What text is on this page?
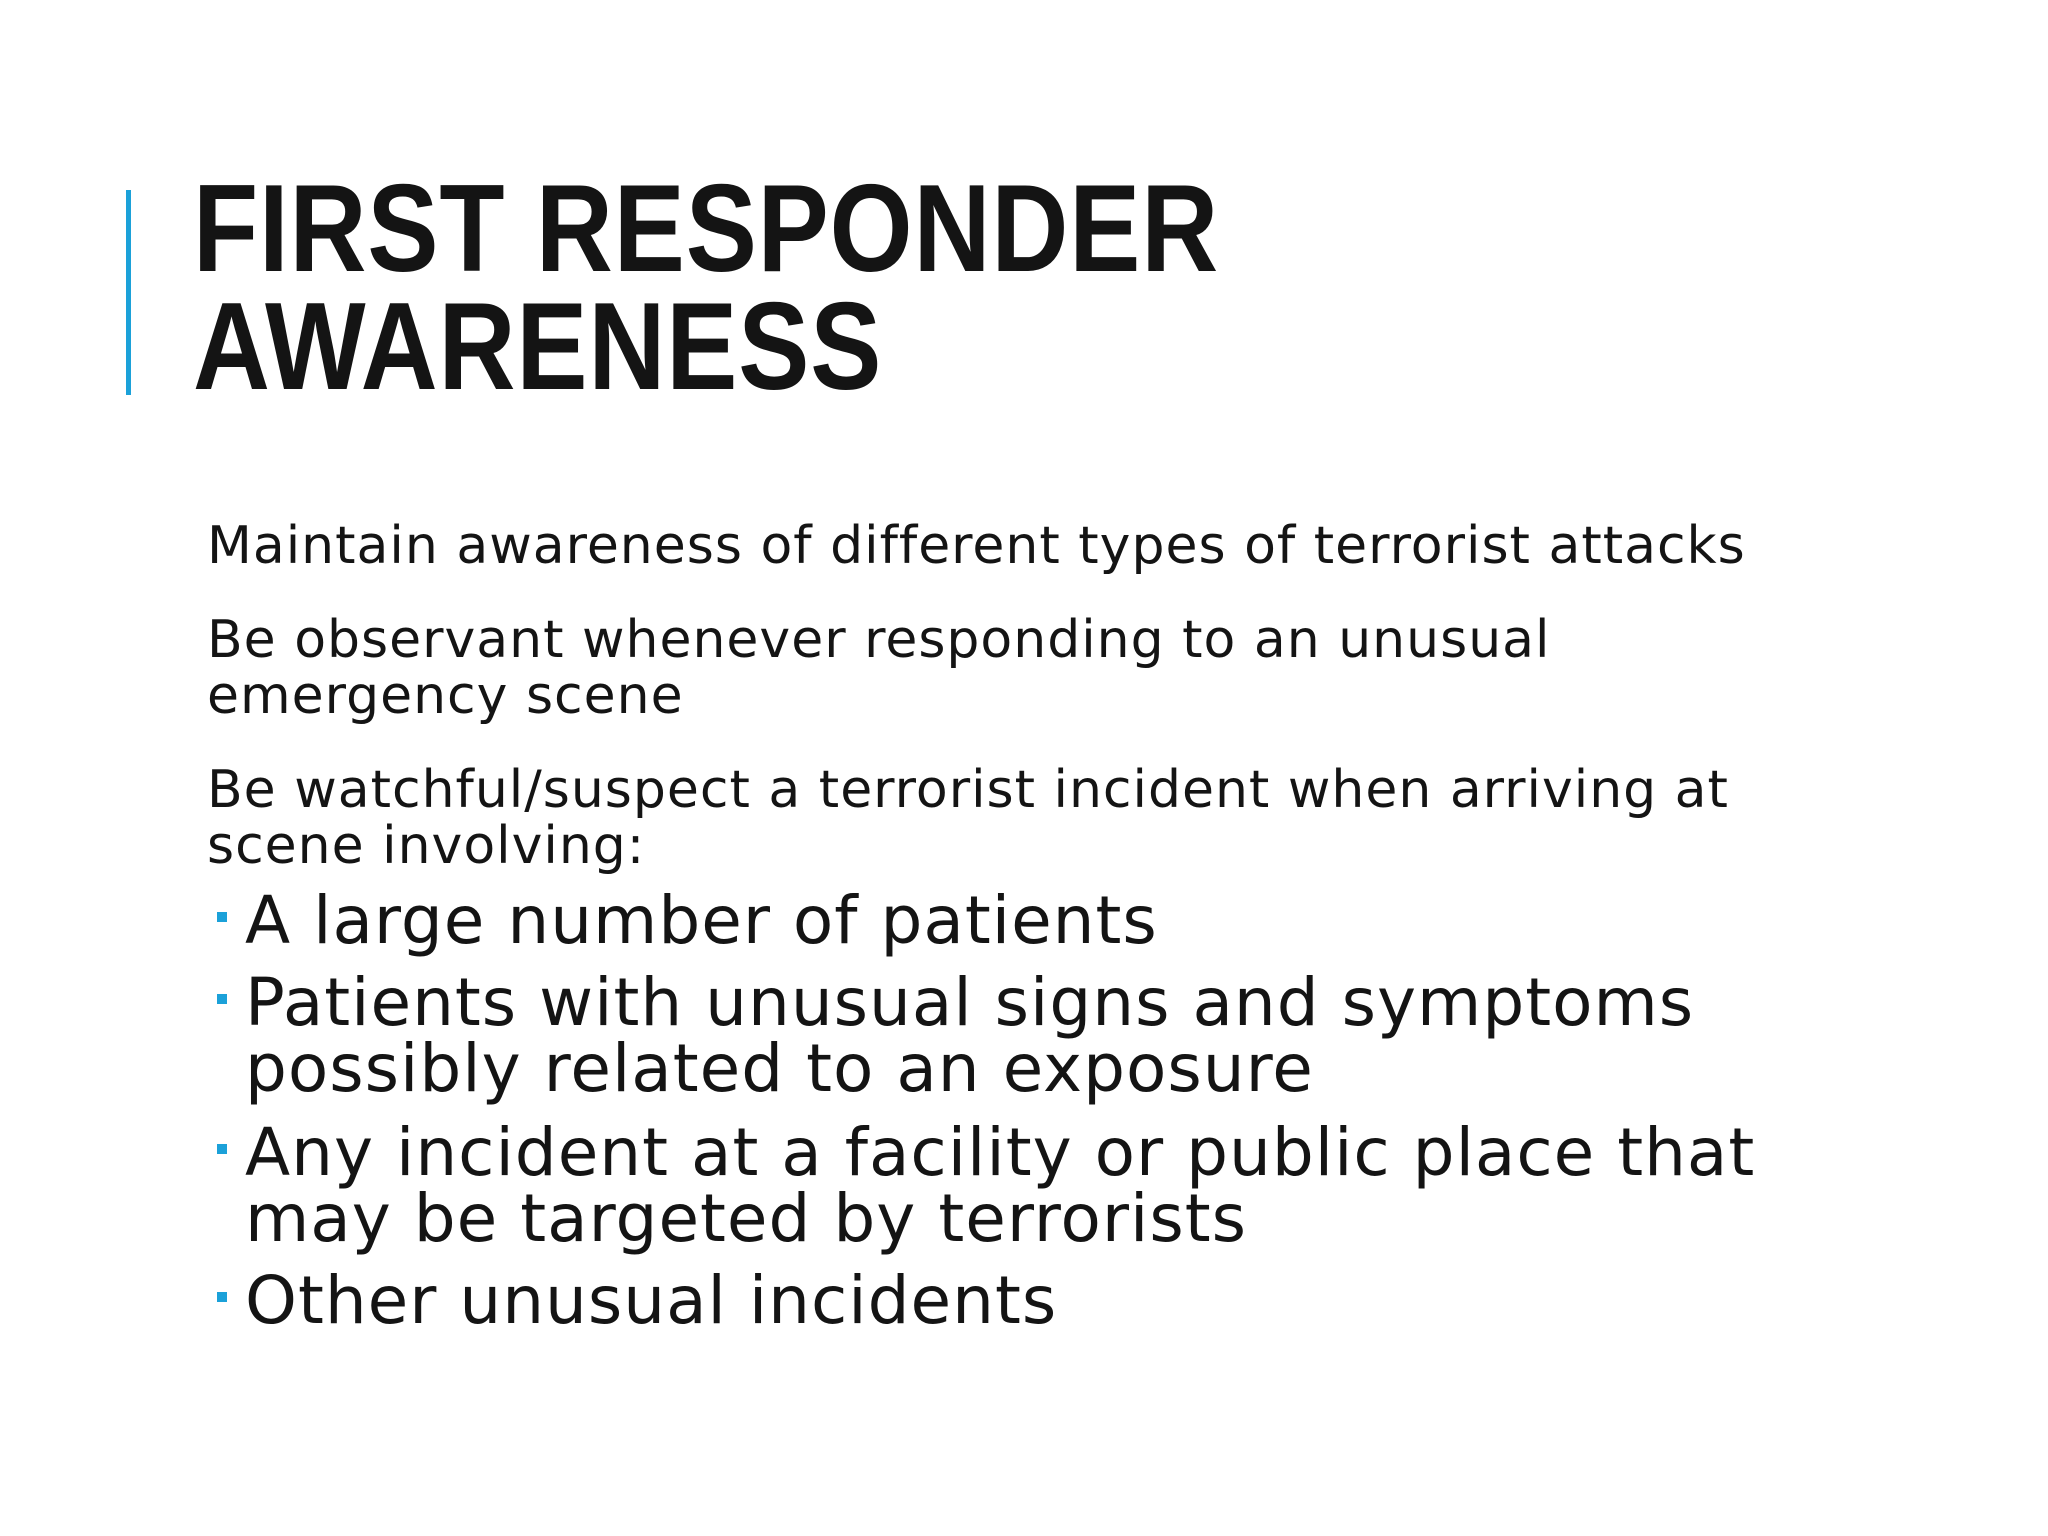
FIRST RESPONDER
AWARENESS

Maintain awareness of different types of terrorist attacks

Be observant whenever responding to an unusual
emergency scene

Be watchful/suspect a terrorist incident when arriving at
scene involving:

A large number of patients
Patients with unusual signs and symptoms
possibly related to an exposure
Any incident at a facility or public place that
may be targeted by terrorists
Other unusual incidents
